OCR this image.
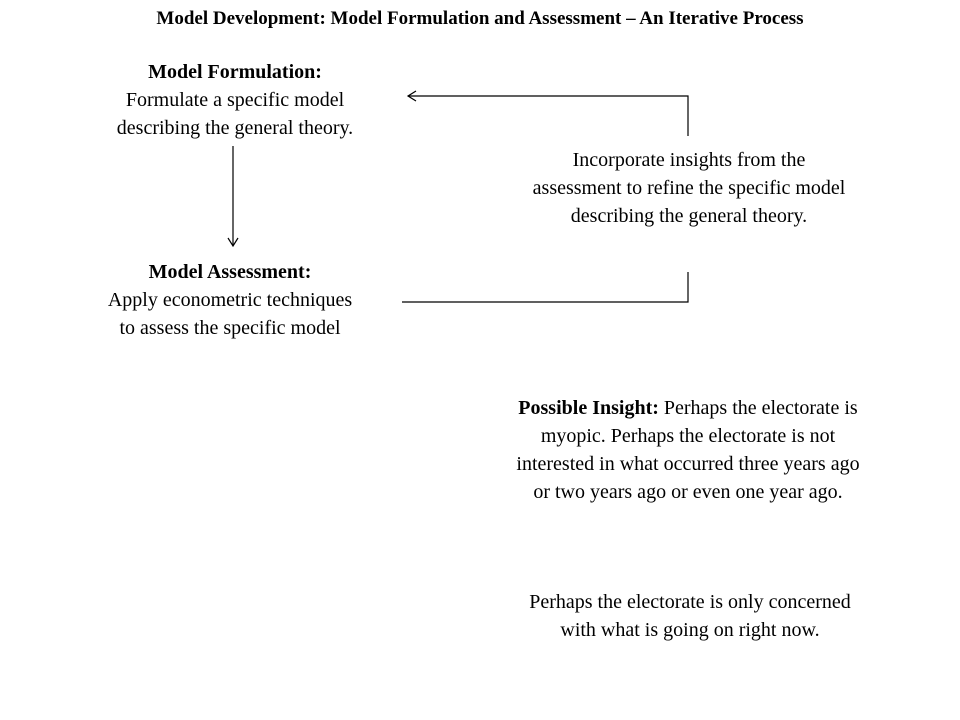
Model Development: Model Formulation and Assessment – An Iterative Process
Model Formulation:
Formulate a specific model
describing the general theory.
Model Assessment:
Apply econometric techniques
to assess the specific model
Incorporate insights from the assessment to refine the specific model describing the general theory.
Possible Insight: Perhaps the electorate is myopic. Perhaps the electorate is not interested in what occurred three years ago or two years ago or even one year ago.
Perhaps the electorate is only concerned with what is going on right now.
